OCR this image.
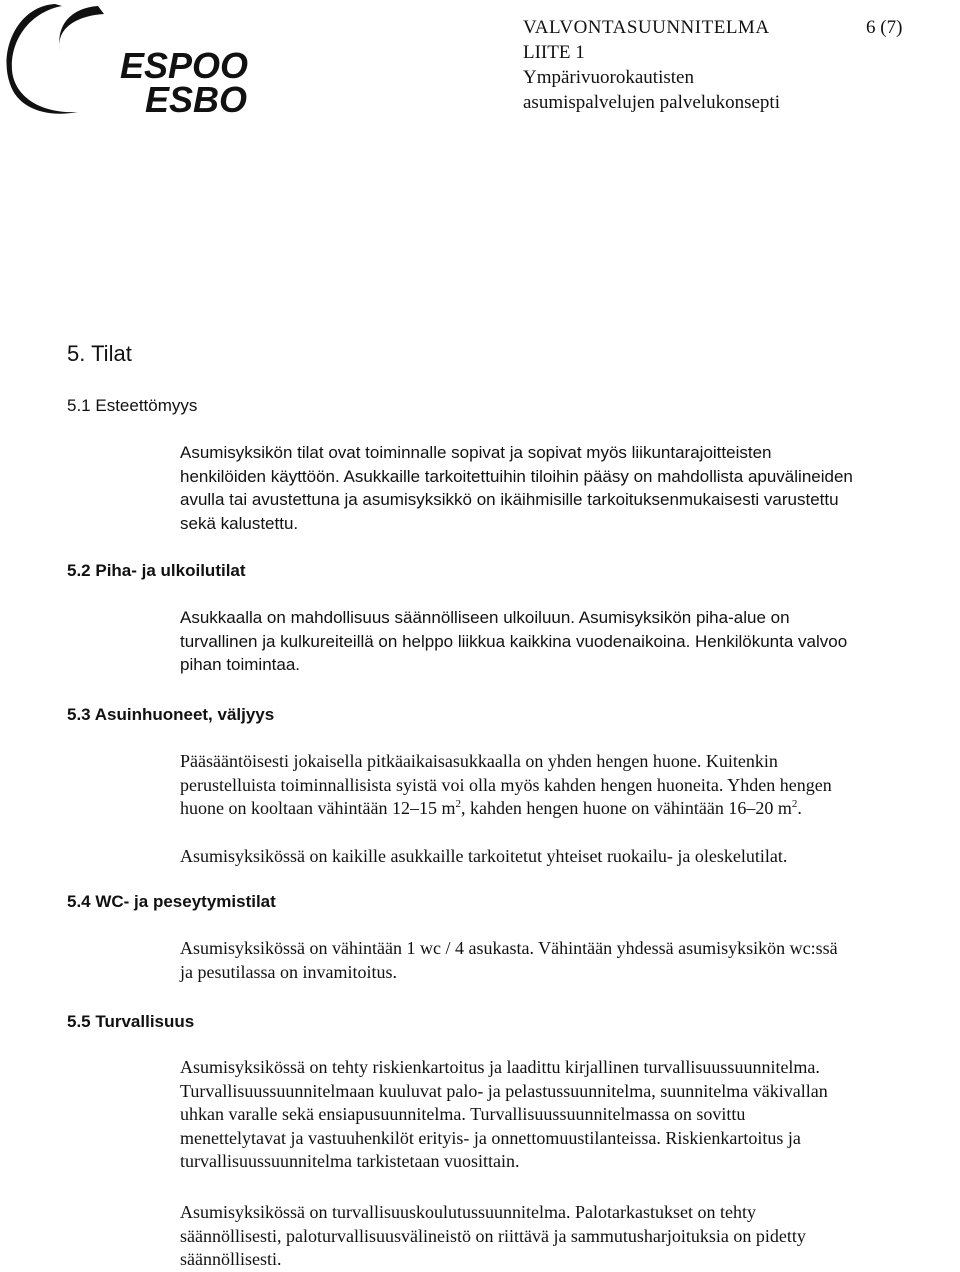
ESPOO
ESBO
VALVONTASUUNNITELMA	6 (7)
LIITE 1
Ympärivuorokautisten
asumispalvelujen palvelukonsepti
5. Tilat
5.1 Esteettömyys
Asumisyksikön tilat ovat toiminnalle sopivat ja sopivat myös liikuntarajoitteisten
henkilöiden käyttöön. Asukkaille tarkoitettuihin tiloihin pääsy on mahdollista apuvälineiden
avulla tai avustettuna ja asumisyksikkö on ikäihmisille tarkoituksenmukaisesti varustettu
sekä kalustettu.
5.2 Piha- ja ulkoilutilat
Asukkaalla on mahdollisuus säännölliseen ulkoiluun. Asumisyksikön piha-alue on
turvallinen ja kulkureiteillä on helppo liikkua kaikkina vuodenaikoina. Henkilökunta valvoo
pihan toimintaa.
5.3 Asuinhuoneet, väljyys
Pääsääntöisesti jokaisella pitkäaikaisasukkaalla on yhden hengen huone. Kuitenkin
perustelluista toiminnallisista syistä voi olla myös kahden hengen huoneita. Yhden hengen
huone on kooltaan vähintään 12–15 $m^2$, kahden hengen huone on vähintään 16–20 $m^2$.
Asumisyksikössä on kaikille asukkaille tarkoitetut yhteiset ruokailu- ja oleskelutilat.
5.4 WC- ja peseytymistilat
Asumisyksikössä on vähintään 1 wc / 4 asukasta. Vähintään yhdessä asumisyksikön wc:ssä
ja pesutilassa on invamitoitus.
5.5 Turvallisuus
Asumisyksikössä on tehty riskienkartoitus ja laadittu kirjallinen turvallisuussuunnitelma.
Turvallisuussuunnitelmaan kuuluvat palo- ja pelastussuunnitelma, suunnitelma väkivallan
uhkan varalle sekä ensiapusuunnitelma. Turvallisuussuunnitelmassa on sovittu
menettelytavat ja vastuuhenkilöt erityis- ja onnettomuustilanteissa. Riskienkartoitus ja
turvallisuussuunnitelma tarkistetaan vuosittain.
Asumisyksikössä on turvallisuuskoulutussuunnitelma. Palotarkastukset on tehty
säännöllisesti, paloturvallisuusvälineistö on riittävä ja sammutusharjoituksia on pidetty
säännöllisesti.
